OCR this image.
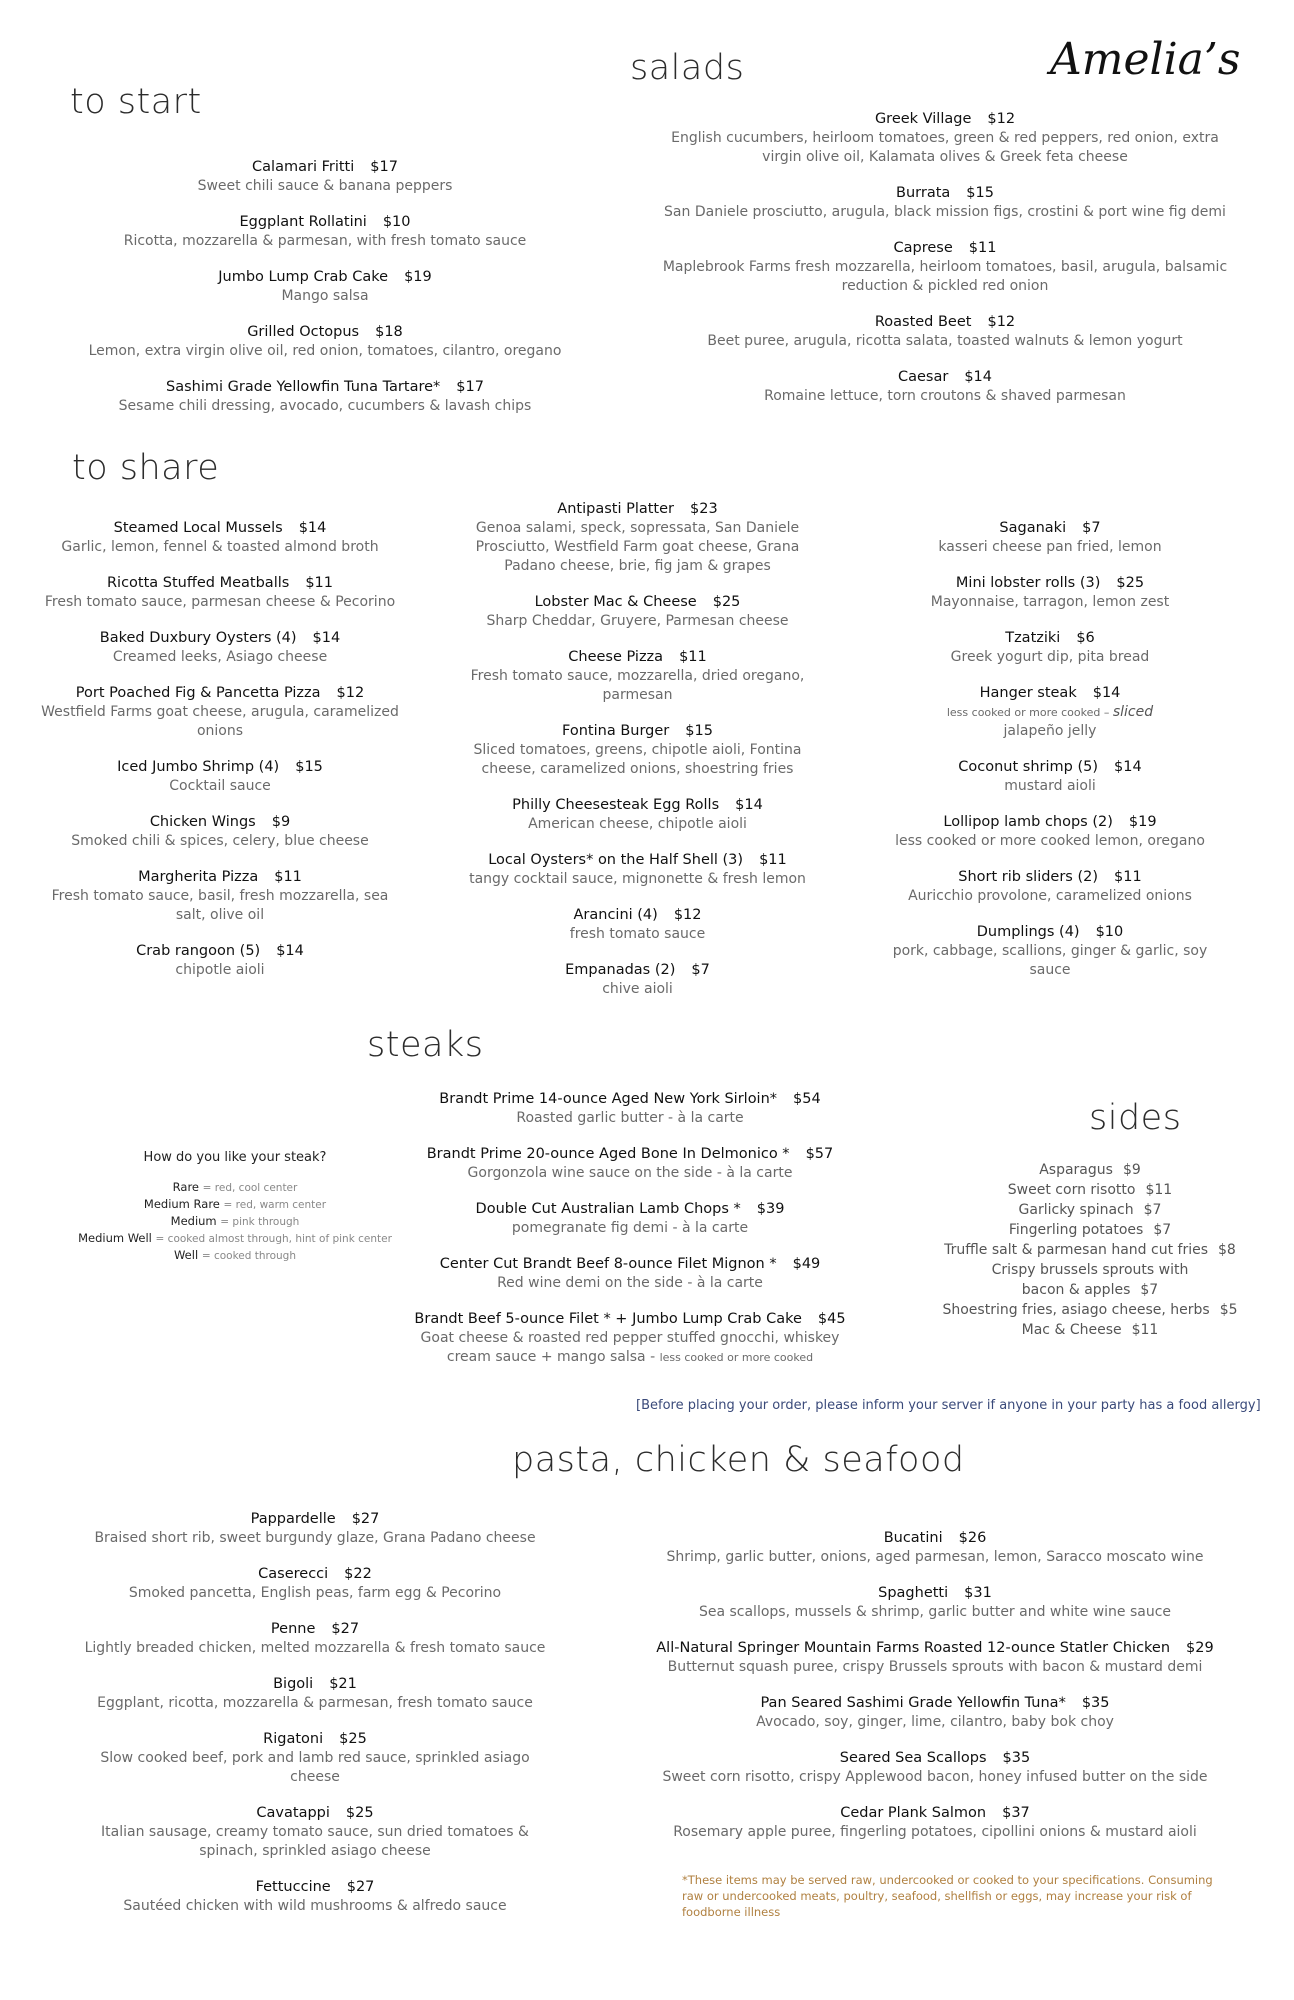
Amelia’s
to start
salads
to share
steaks
sides
pasta, chicken & seafood
Calamari Fritti $17
Sweet chili sauce & banana peppers
Eggplant Rollatini $10
Ricotta, mozzarella & parmesan, with fresh tomato sauce
Jumbo Lump Crab Cake $19
Mango salsa
Grilled Octopus $18
Lemon, extra virgin olive oil, red onion, tomatoes, cilantro, oregano
Sashimi Grade Yellowfin Tuna Tartare* $17
Sesame chili dressing, avocado, cucumbers & lavash chips
Greek Village $12
English cucumbers, heirloom tomatoes, green & red peppers, red onion, extra virgin olive oil, Kalamata olives & Greek feta cheese
Burrata $15
San Daniele prosciutto, arugula, black mission figs, crostini & port wine fig demi
Caprese $11
Maplebrook Farms fresh mozzarella, heirloom tomatoes, basil, arugula, balsamic reduction & pickled red onion
Roasted Beet $12
Beet puree, arugula, ricotta salata, toasted walnuts & lemon yogurt
Caesar $14
Romaine lettuce, torn croutons & shaved parmesan
Steamed Local Mussels $14
Garlic, lemon, fennel & toasted almond broth
Ricotta Stuffed Meatballs $11
Fresh tomato sauce, parmesan cheese & Pecorino
Baked Duxbury Oysters (4) $14
Creamed leeks, Asiago cheese
Port Poached Fig & Pancetta Pizza $12
Westfield Farms goat cheese, arugula, caramelized onions
Iced Jumbo Shrimp (4) $15
Cocktail sauce
Chicken Wings $9
Smoked chili & spices, celery, blue cheese
Margherita Pizza $11
Fresh tomato sauce, basil, fresh mozzarella, sea salt, olive oil
Crab rangoon (5) $14
chipotle aioli
Antipasti Platter $23
Genoa salami, speck, sopressata, San Daniele Prosciutto, Westfield Farm goat cheese, Grana Padano cheese, brie, fig jam & grapes
Lobster Mac & Cheese $25
Sharp Cheddar, Gruyere, Parmesan cheese
Cheese Pizza $11
Fresh tomato sauce, mozzarella, dried oregano, parmesan
Fontina Burger $15
Sliced tomatoes, greens, chipotle aioli, Fontina cheese, caramelized onions, shoestring fries
Philly Cheesesteak Egg Rolls $14
American cheese, chipotle aioli
Local Oysters* on the Half Shell (3) $11
tangy cocktail sauce, mignonette & fresh lemon
Arancini (4) $12
fresh tomato sauce
Empanadas (2) $7
chive aioli
Saganaki $7
kasseri cheese pan fried, lemon
Mini lobster rolls (3) $25
Mayonnaise, tarragon, lemon zest
Tzatziki $6
Greek yogurt dip, pita bread
Hanger steak $14
less cooked or more cooked – sliced
jalapeño jelly
Coconut shrimp (5) $14
mustard aioli
Lollipop lamb chops (2) $19
less cooked or more cooked lemon, oregano
Short rib sliders (2) $11
Auricchio provolone, caramelized onions
Dumplings (4) $10
pork, cabbage, scallions, ginger & garlic, soy sauce
Brandt Prime 14-ounce Aged New York Sirloin* $54
Roasted garlic butter - à la carte
Brandt Prime 20-ounce Aged Bone In Delmonico * $57
Gorgonzola wine sauce on the side - à la carte
Double Cut Australian Lamb Chops * $39
pomegranate fig demi - à la carte
Center Cut Brandt Beef 8-ounce Filet Mignon * $49
Red wine demi on the side - à la carte
Brandt Beef 5-ounce Filet * + Jumbo Lump Crab Cake $45
Goat cheese & roasted red pepper stuffed gnocchi, whiskey cream sauce + mango salsa - less cooked or more cooked
Pappardelle $27
Braised short rib, sweet burgundy glaze, Grana Padano cheese
Caserecci $22
Smoked pancetta, English peas, farm egg & Pecorino
Penne $27
Lightly breaded chicken, melted mozzarella & fresh tomato sauce
Bigoli $21
Eggplant, ricotta, mozzarella & parmesan, fresh tomato sauce
Rigatoni $25
Slow cooked beef, pork and lamb red sauce, sprinkled asiago cheese
Cavatappi $25
Italian sausage, creamy tomato sauce, sun dried tomatoes & spinach, sprinkled asiago cheese
Fettuccine $27
Sautéed chicken with wild mushrooms & alfredo sauce
Bucatini $26
Shrimp, garlic butter, onions, aged parmesan, lemon, Saracco moscato wine
Spaghetti $31
Sea scallops, mussels & shrimp, garlic butter and white wine sauce
All-Natural Springer Mountain Farms Roasted 12-ounce Statler Chicken $29
Butternut squash puree, crispy Brussels sprouts with bacon & mustard demi
Pan Seared Sashimi Grade Yellowfin Tuna* $35
Avocado, soy, ginger, lime, cilantro, baby bok choy
Seared Sea Scallops $35
Sweet corn risotto, crispy Applewood bacon, honey infused butter on the side
Cedar Plank Salmon $37
Rosemary apple puree, fingerling potatoes, cipollini onions & mustard aioli
How do you like your steak?
Rare = red, cool center
Medium Rare = red, warm center
Medium = pink through
Medium Well = cooked almost through, hint of pink center
Well = cooked through
Asparagus $9
Sweet corn risotto $11
Garlicky spinach $7
Fingerling potatoes $7
Truffle salt & parmesan hand cut fries $8
Crispy brussels sprouts with
bacon & apples $7
Shoestring fries, asiago cheese, herbs $5
Mac & Cheese $11
[Before placing your order, please inform your server if anyone in your party has a food allergy]
*These items may be served raw, undercooked or cooked to your specifications. Consuming raw or undercooked meats, poultry, seafood, shellfish or eggs, may increase your risk of foodborne illness
